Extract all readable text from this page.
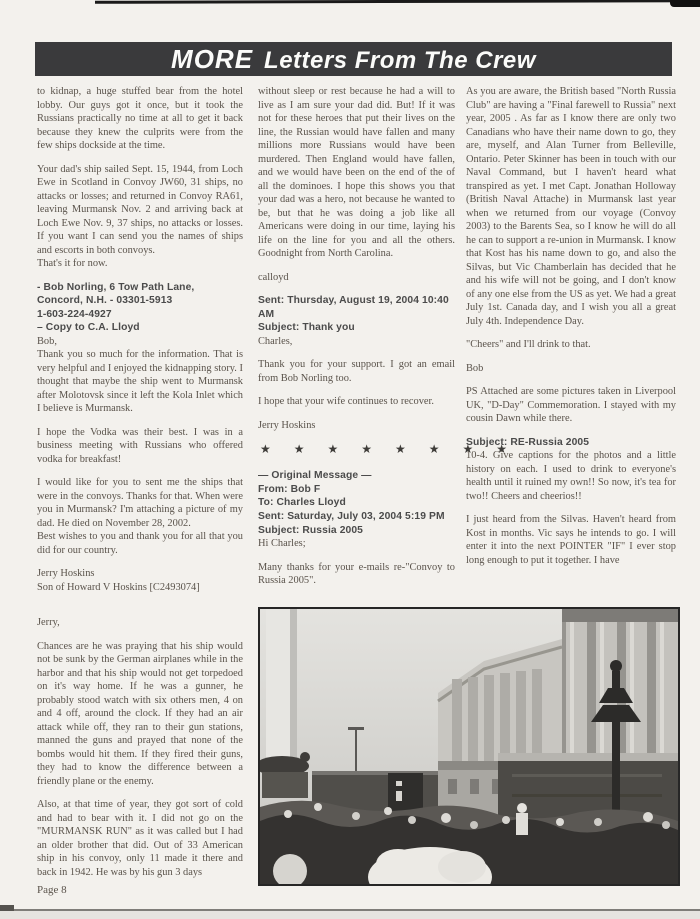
MORE Letters From The Crew

to kidnap, a huge stuffed bear from the hotel lobby. Our guys got it once, but it took the Russians practically no time at all to get it back because they knew the culprits were from the few ships dockside at the time.

Your dad's ship sailed Sept. 15, 1944, from Loch Ewe in Scotland in Convoy JW60, 31 ships, no attacks or losses; and returned in Convoy RA61, leaving Murmansk Nov. 2 and arriving back at Loch Ewe Nov. 9, 37 ships, no attacks or losses. If you want I can send you the names of ships and escorts in both convoys.

That's it for now.

- Bob Norling, 6 Tow Path Lane, Concord, N.H. - 03301-5913

1-603-224-4927

– Copy to C.A. Lloyd

Bob,

Thank you so much for the information. That is very helpful and I enjoyed the kidnapping story. I thought that maybe the ship went to Murmansk after Molotovsk since it left the Kola Inlet which I believe is Murmansk.

I hope the Vodka was their best. I was in a business meeting with Russians who offered vodka for breakfast!

I would like for you to sent me the ships that were in the convoys. Thanks for that. When were you in Murmansk? I'm attaching a picture of my dad. He died on November 28, 2002.

Best wishes to you and thank you for all that you did for our country.

Jerry Hoskins

Son of Howard V Hoskins [C2493074]

Jerry,

Chances are he was praying that his ship would not be sunk by the German airplanes while in the harbor and that his ship would not get torpedoed on it's way home. If he was a gunner, he probably stood watch with six others men, 4 on and 4 off, around the clock. If they had an air attack while off, they ran to their gun stations, manned the guns and prayed that none of the bombs would hit them. If they fired their guns, they had to know the difference between a friendly plane or the enemy.

Also, at that time of year, they got sort of cold and had to bear with it. I did not go on the "MURMANSK RUN" as it was called but I had an older brother that did. Out of 33 American ship in his convoy, only 11 made it there and back in 1942. He was by his gun 3 days

without sleep or rest because he had a will to live as I am sure your dad did. But! If it was not for these heroes that put their lives on the line, the Russian would have fallen and many millions more Russians would have been murdered. Then England would have fallen, and we would have been on the end of the of all the dominoes. I hope this shows you that your dad was a hero, not because he wanted to be, but that he was doing a job like all Americans were doing in our time, laying his life on the line for you and all the others. Goodnight from North Carolina.

calloyd

Sent: Thursday, August 19, 2004 10:40 AM

Subject: Thank you

Charles,

Thank you for your support. I got an email from Bob Norling too.

I hope that your wife continues to recover.

Jerry Hoskins

★ ★ ★ ★ ★ ★ ★ ★

— Original Message —

From: Bob F

To: Charles Lloyd

Sent: Saturday, July 03, 2004 5:19 PM

Subject: Russia 2005

Hi Charles;

Many thanks for your e-mails re-"Convoy to Russia 2005".

As you are aware, the British based "North Russia Club" are having a "Final farewell to Russia" next year, 2005 . As far as I know there are only two Canadians who have their name down to go, they are, myself, and Alan Turner from Belleville, Ontario. Peter Skinner has been in touch with our Naval Command, but I haven't heard what transpired as yet. I met Capt. Jonathan Holloway (British Naval Attache) in Murmansk last year when we returned from our voyage (Convoy 2003) to the Barents Sea, so I know he will do all he can to support a re-union in Murmansk. I know that Kost has his name down to go, and also the Silvas, but Vic Chamberlain has decided that he and his wife will not be going, and I don't know of any one else from the US as yet. We had a great July 1st. Canada day, and I wish you all a great July 4th. Independence Day.

"Cheers" and I'll drink to that.

Bob

PS Attached are some pictures taken in Liverpool UK, "D-Day" Commemoration. I stayed with my cousin Dawn while there.

Subject: RE-Russia 2005

10-4. Give captions for the photos and a little history on each. I used to drink to everyone's health until it ruined my own!! So now, it's tea for two!! Cheers and cheerios!!

I just heard from the Silvas. Haven't heard from Kost in months. Vic says he intends to go. I will enter it into the next POINTER "IF" I ever stop long enough to put it together. I have

Page 8
